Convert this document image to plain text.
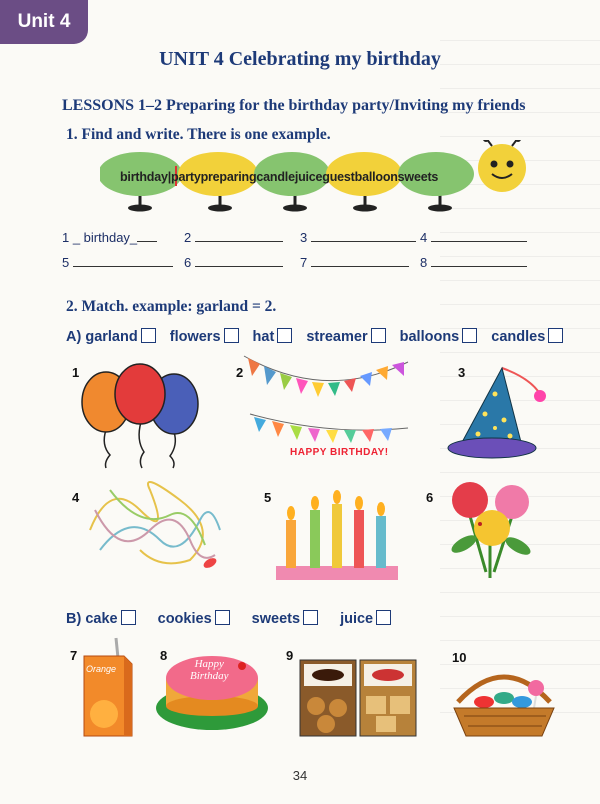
Unit 4
UNIT 4 Celebrating my birthday
LESSONS 1–2 Preparing for the birthday party/Inviting my friends
1. Find and write. There is one example.
birthday|partypreparingcandlejuiceguestballoonsweets
1 _ birthday_	2	3	4
5	6	7	8
2. Match. example: garland = 2.
A) garland flowers hat streamer balloons candles
1	2
HAPPY BIRTHDAY!
3
4	5	6
B) cake	cookies	sweets	juice
7
Orange
8
Happy
Birthday
9	10
34
